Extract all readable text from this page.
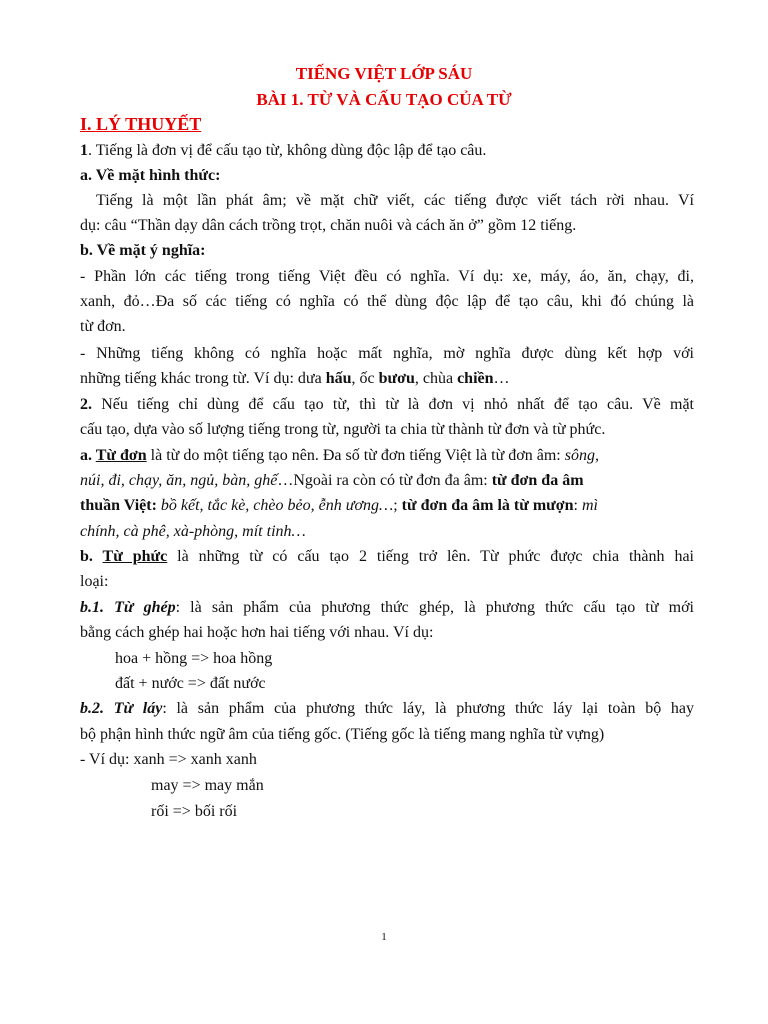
TIẾNG VIỆT LỚP SÁU
BÀI 1. TỪ VÀ CẤU TẠO CỦA TỪ
I. LÝ THUYẾT
1. Tiếng là đơn vị để cấu tạo từ, không dùng độc lập để tạo câu.
a. Về mặt hình thức:
Tiếng là một lần phát âm; về mặt chữ viết, các tiếng được viết tách rời nhau. Ví
dụ: câu “Thần dạy dân cách trồng trọt, chăn nuôi và cách ăn ở” gồm 12 tiếng.
b. Về mặt ý nghĩa:
- Phần lớn các tiếng trong tiếng Việt đều có nghĩa. Ví dụ: xe, máy, áo, ăn, chạy, đi,
xanh, đỏ…Đa số các tiếng có nghĩa có thể dùng độc lập để tạo câu, khi đó chúng là
từ đơn.
- Những tiếng không có nghĩa hoặc mất nghĩa, mờ nghĩa được dùng kết hợp với
những tiếng khác trong từ. Ví dụ: dưa hấu, ốc bươu, chùa chiền…
2. Nếu tiếng chỉ dùng để cấu tạo từ, thì từ là đơn vị nhỏ nhất để tạo câu. Về mặt
cấu tạo, dựa vào số lượng tiếng trong từ, người ta chia từ thành từ đơn và từ phức.
a. Từ đơn là từ do một tiếng tạo nên. Đa số từ đơn tiếng Việt là từ đơn âm: sông,
núi, đi, chạy, ăn, ngủ, bàn, ghế…Ngoài ra còn có từ đơn đa âm: từ đơn đa âm
thuần Việt: bồ kết, tắc kè, chèo bẻo, ễnh ương…; từ đơn đa âm là từ mượn: mì
chính, cà phê, xà-phòng, mít tinh…
b. Từ phức là những từ có cấu tạo 2 tiếng trở lên. Từ phức được chia thành hai
loại:
b.1. Từ ghép: là sản phẩm của phương thức ghép, là phương thức cấu tạo từ mới
bằng cách ghép hai hoặc hơn hai tiếng với nhau. Ví dụ:
hoa + hồng => hoa hồng
đất + nước => đất nước
b.2. Từ láy: là sản phẩm của phương thức láy, là phương thức láy lại toàn bộ hay
bộ phận hình thức ngữ âm của tiếng gốc. (Tiếng gốc là tiếng mang nghĩa từ vựng)
- Ví dụ: xanh => xanh xanh
may => may mắn
rối => bối rối
1
